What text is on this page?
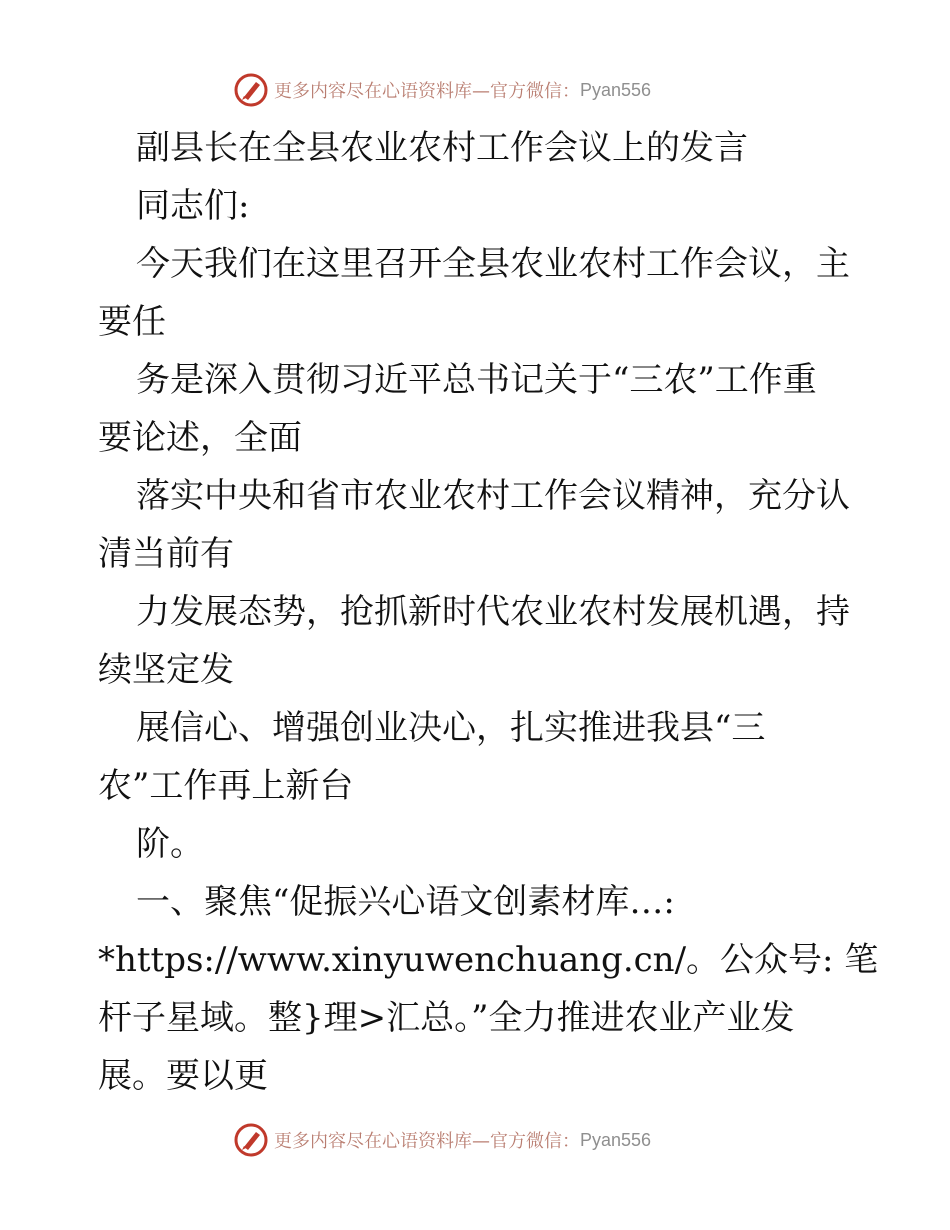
更多内容尽在心语资料库—官方微信： Pyan556
副县长在全县农业农村工作会议上的发言
同志们:
今天我们在这里召开全县农业农村工作会议，主
要任
务是深入贯彻习近平总书记关于“三农”工作重
要论述，全面
落实中央和省市农业农村工作会议精神，充分认
清当前有
力发展态势，抢抓新时代农业农村发展机遇，持
续坚定发
展信心、增强创业决心，扎实推进我县“三
农”工作再上新台
阶。
一、聚焦“促振兴心语文创素材库…:
*https://www.xinyuwenchuang.cn/。公众号: 笔
杆子星域。整}理>汇总。”全力推进农业产业发
展。要以更
更多内容尽在心语资料库—官方微信： Pyan556
